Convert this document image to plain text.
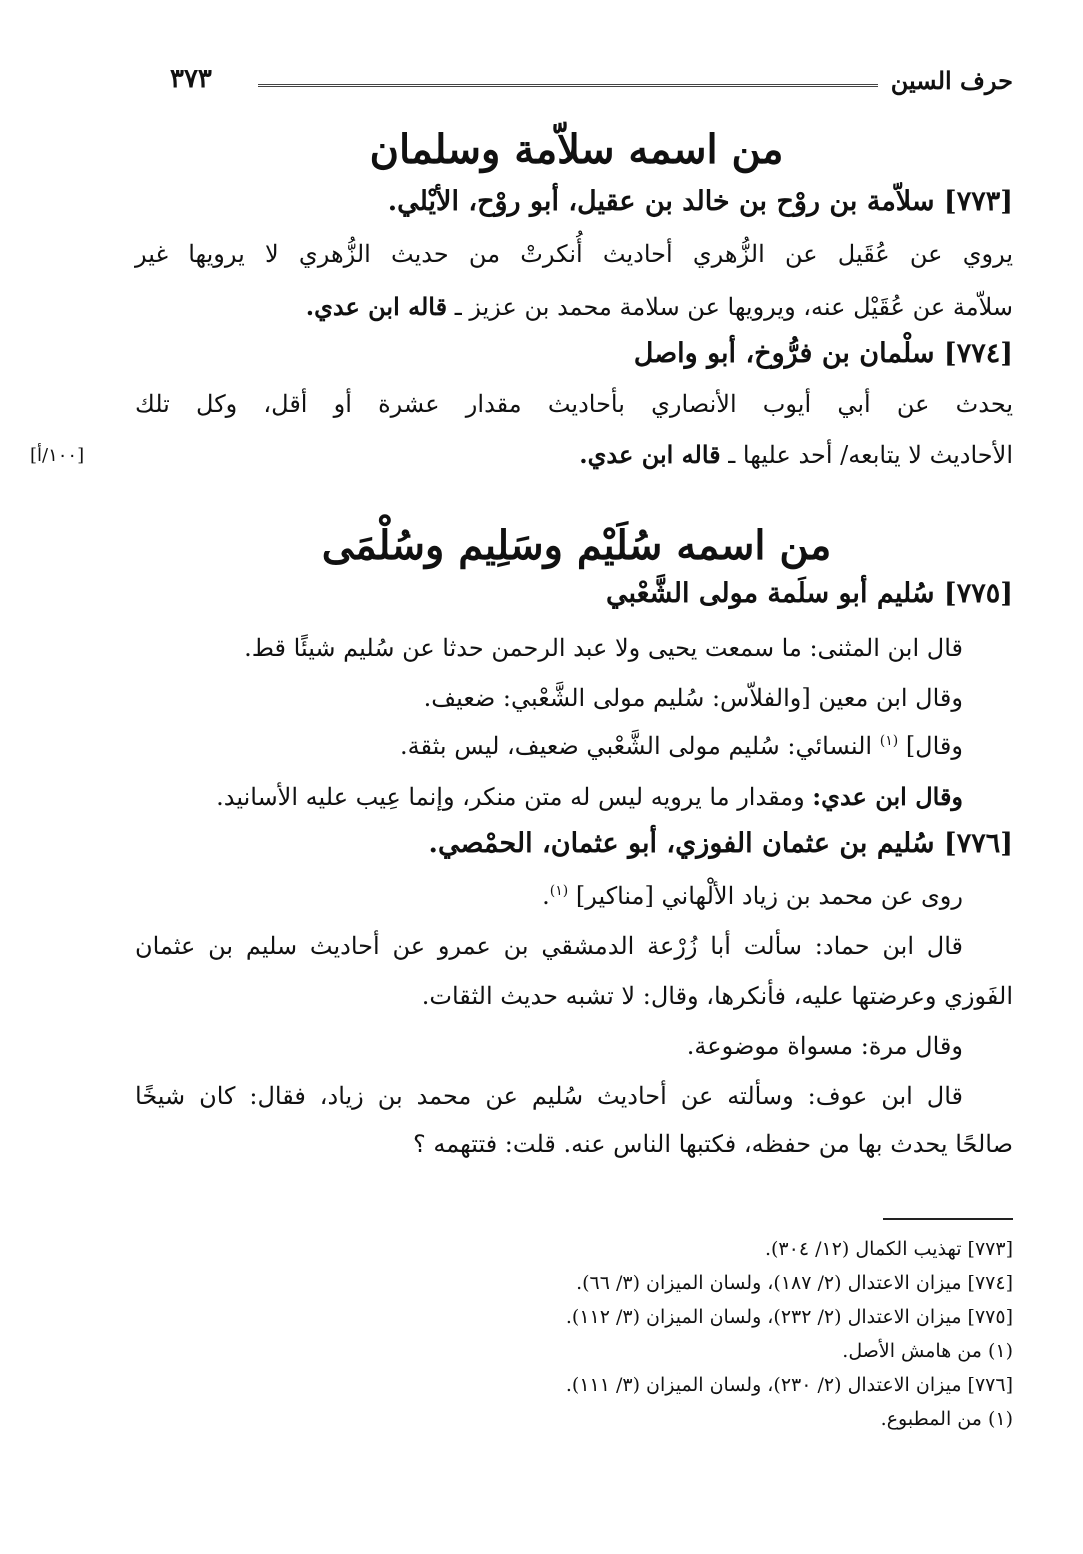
حرف السين
٣٧٣
من اسمه سلاّمة وسلمان
[٧٧٣] سلاّمة بن روْح بن خالد بن عقيل، أبو روْح، الأيْلي.
يروي عن عُقَيل عن الزُّهري أحاديث أُنكرتْ من حديث الزُّهري لا يرويها غير
سلاّمة عن عُقَيْل عنه، ويرويها عن سلامة محمد بن عزيز ـ قاله ابن عدي.
[٧٧٤] سلْمان بن فرُّوخ، أبو واصل
يحدث عن أبي أيوب الأنصاري بأحاديث مقدار عشرة أو أقل، وكل تلك
الأحاديث لا يتابعه/ أحد عليها ـ قاله ابن عدي.
[١٠٠/أ]
من اسمه سُلَيْم وسَلِيم وسُلْمَى
[٧٧٥] سُليم أبو سلَمة مولى الشَّعْبي
قال ابن المثنى: ما سمعت يحيى ولا عبد الرحمن حدثا عن سُليم شيئًا قط.
وقال ابن معين [والفلاّس: سُليم مولى الشَّعْبي: ضعيف.
وقال] $^{(١)}$ النسائي: سُليم مولى الشَّعْبي ضعيف، ليس بثقة.
وقال ابن عدي: ومقدار ما يرويه ليس له متن منكر، وإنما عِيب عليه الأسانيد.
[٧٧٦] سُليم بن عثمان الفوزي، أبو عثمان، الحمْصي.
روى عن محمد بن زياد الألْهاني [مناكير] $^{(١)}$.
قال ابن حماد: سألت أبا زُرْعة الدمشقي بن عمرو عن أحاديث سليم بن عثمان
الفَوزي وعرضتها عليه، فأنكرها، وقال: لا تشبه حديث الثقات.
وقال مرة: مسواة موضوعة.
قال ابن عوف: وسألته عن أحاديث سُليم عن محمد بن زياد، فقال: كان شيخًا
صالحًا يحدث بها من حفظه، فكتبها الناس عنه. قلت: فتتهمه ؟
[٧٧٣] تهذيب الكمال (١٢/ ٣٠٤).
[٧٧٤] ميزان الاعتدال (٢/ ١٨٧)، ولسان الميزان (٣/ ٦٦).
[٧٧٥] ميزان الاعتدال (٢/ ٢٣٢)، ولسان الميزان (٣/ ١١٢).
(١) من هامش الأصل.
[٧٧٦] ميزان الاعتدال (٢/ ٢٣٠)، ولسان الميزان (٣/ ١١١).
(١) من المطبوع.
